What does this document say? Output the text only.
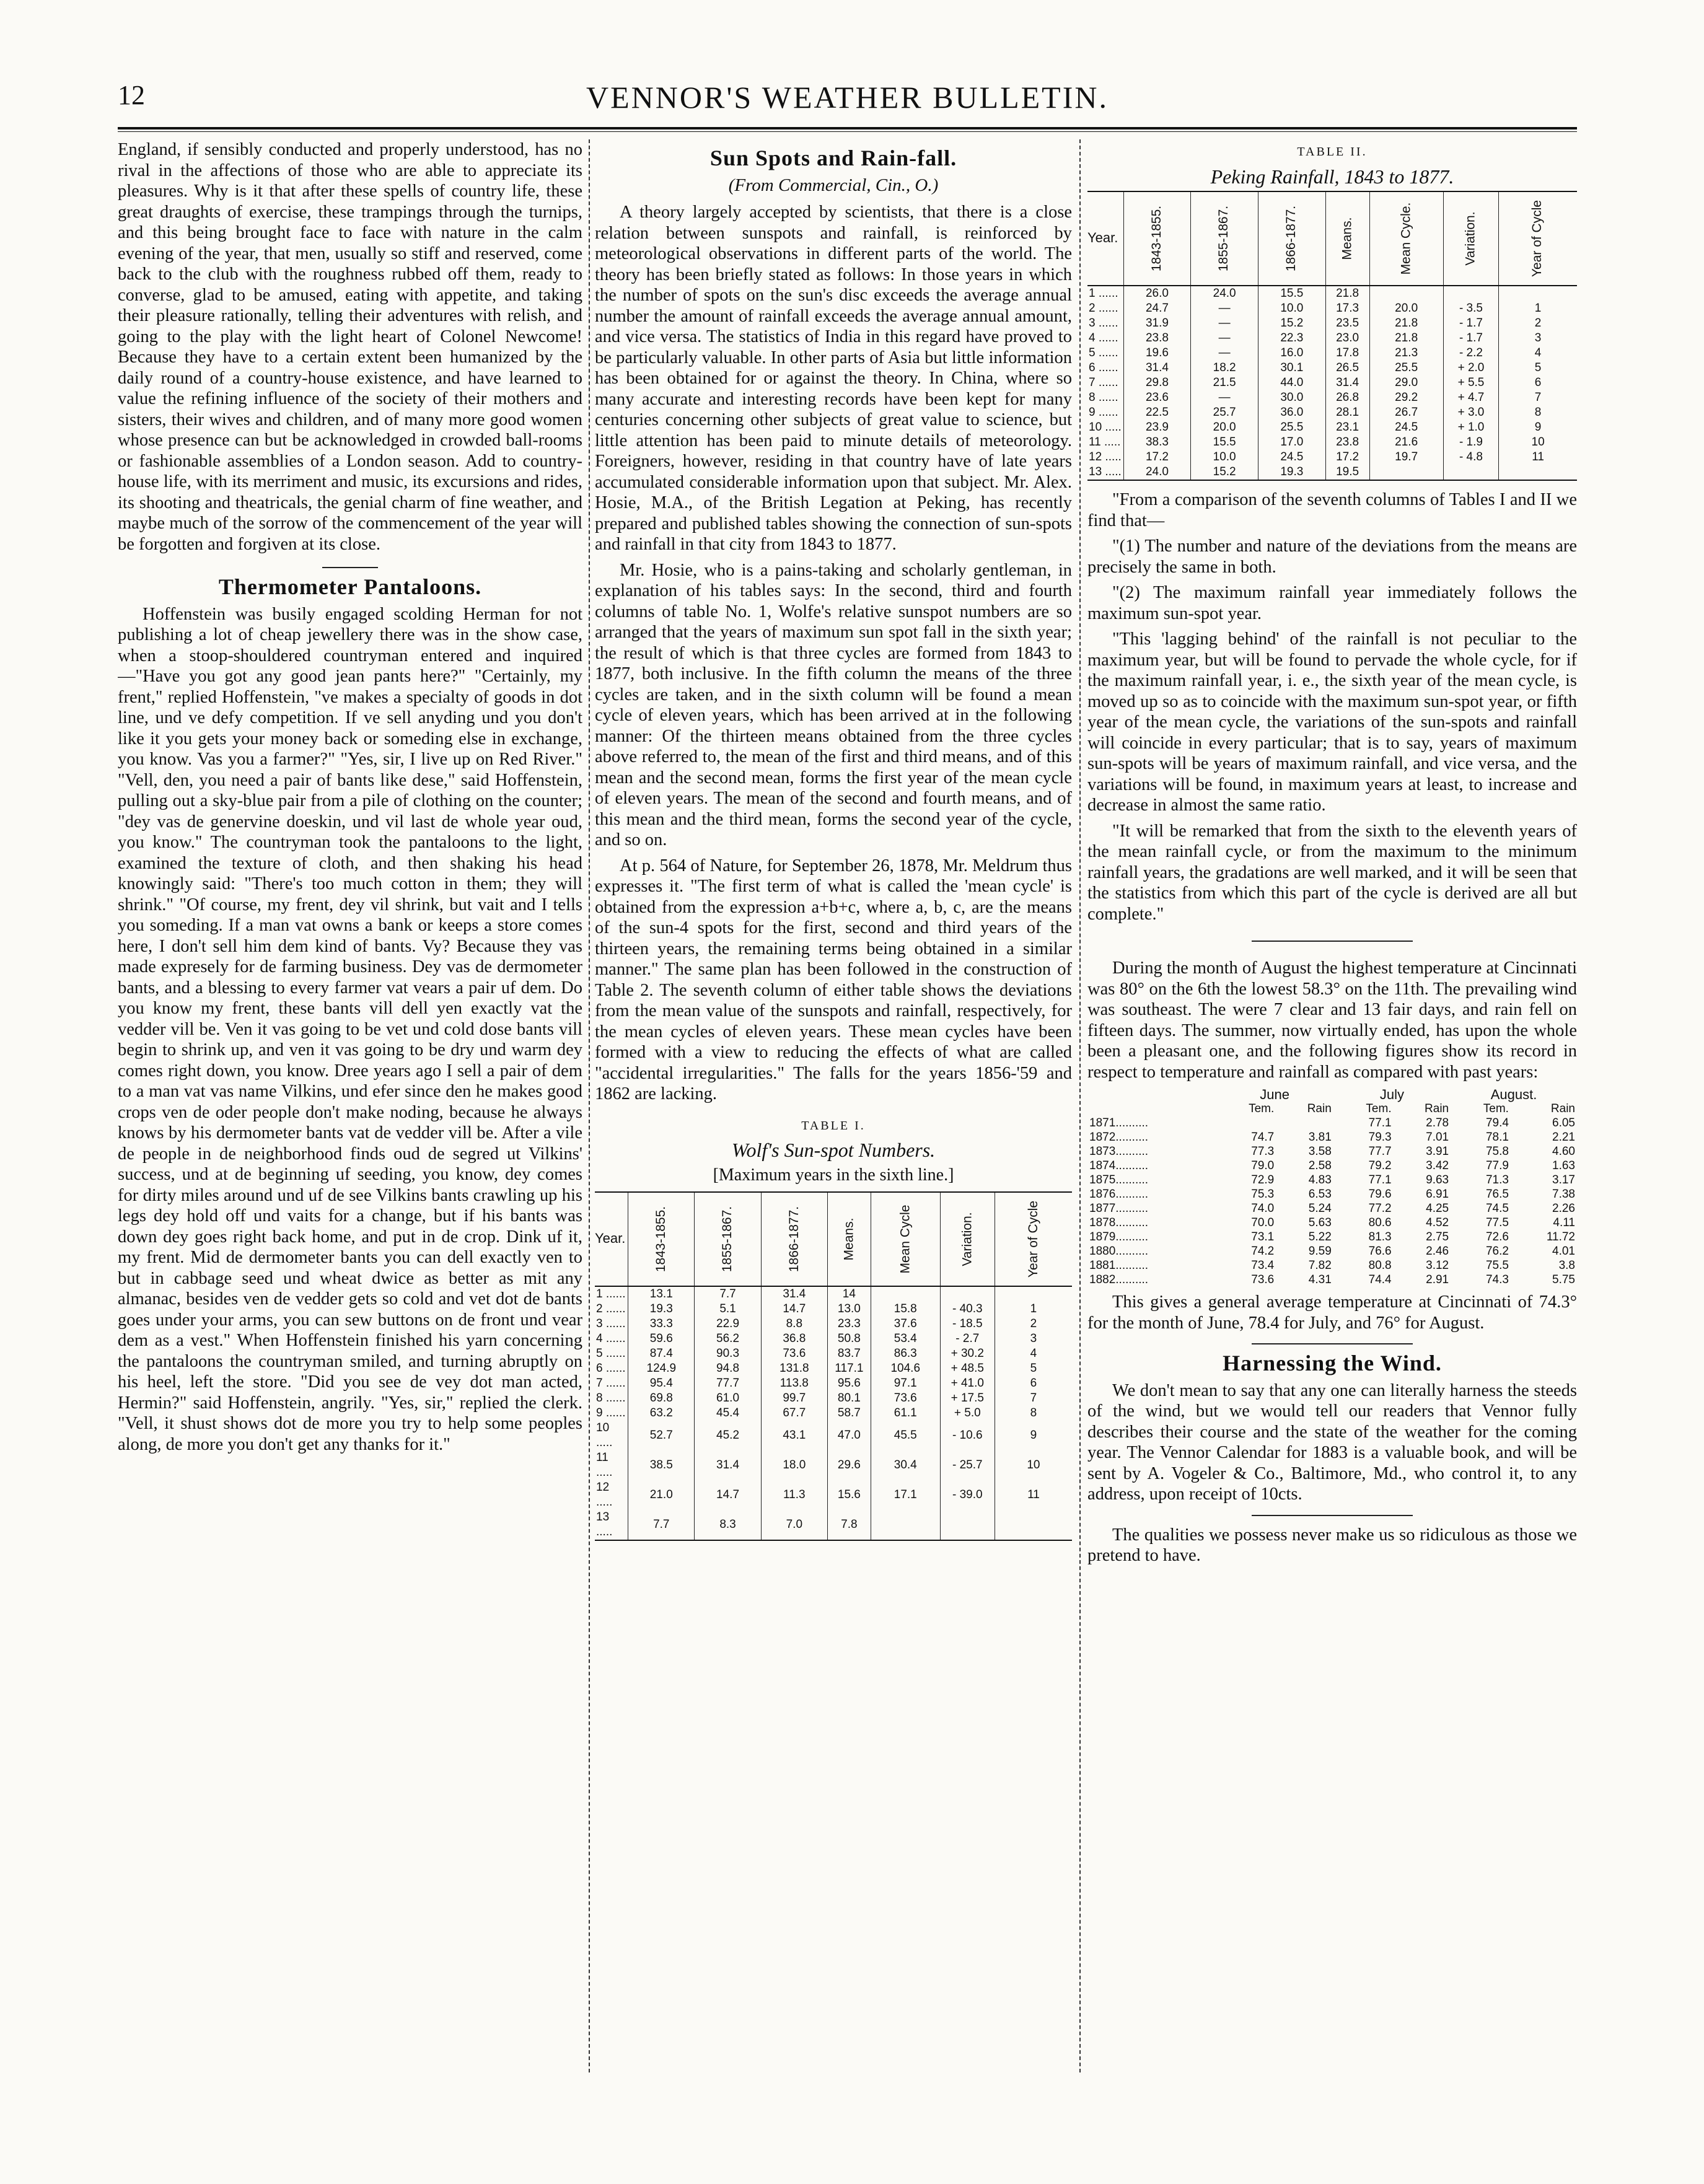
12	VENNOR'S WEATHER BULLETIN.

England, if sensibly conducted and properly understood, has no rival in the affections of those who are able to appreciate its pleasures. Why is it that after these spells of country life, these great draughts of exercise, these trampings through the turnips, and this being brought face to face with nature in the calm evening of the year, that men, usually so stiff and reserved, come back to the club with the roughness rubbed off them, ready to converse, glad to be amused, eating with appetite, and taking their pleasure rationally, telling their adventures with relish, and going to the play with the light heart of Colonel Newcome! Because they have to a certain extent been humanized by the daily round of a country-house existence, and have learned to value the refining influence of the society of their mothers and sisters, their wives and children, and of many more good women whose presence can but be acknowledged in crowded ball-rooms or fashionable assemblies of a London season. Add to country-house life, with its merriment and music, its excursions and rides, its shooting and theatricals, the genial charm of fine weather, and maybe much of the sorrow of the commencement of the year will be forgotten and forgiven at its close.

Thermometer Pantaloons.

Hoffenstein was busily engaged scolding Herman for not publishing a lot of cheap jewellery there was in the show case, when a stoop-shouldered countryman entered and inquired—"Have you got any good jean pants here?" "Certainly, my frent," replied Hoffenstein, "ve makes a specialty of goods in dot line, und ve defy competition. If ve sell anyding und you don't like it you gets your money back or someding else in exchange, you know. Vas you a farmer?" "Yes, sir, I live up on Red River." "Vell, den, you need a pair of bants like dese," said Hoffenstein, pulling out a sky-blue pair from a pile of clothing on the counter; "dey vas de genervine doeskin, und vil last de whole year oud, you know." The countryman took the pantaloons to the light, examined the texture of cloth, and then shaking his head knowingly said: "There's too much cotton in them; they will shrink." "Of course, my frent, dey vil shrink, but vait and I tells you someding. If a man vat owns a bank or keeps a store comes here, I don't sell him dem kind of bants. Vy? Because they vas made expresely for de farming business. Dey vas de dermometer bants, and a blessing to every farmer vat vears a pair uf dem. Do you know my frent, these bants vill dell yen exactly vat the vedder vill be. Ven it vas going to be vet und cold dose bants vill begin to shrink up, and ven it vas going to be dry und warm dey comes right down, you know. Dree years ago I sell a pair of dem to a man vat vas name Vilkins, und efer since den he makes good crops ven de oder people don't make noding, because he always knows by his dermometer bants vat de vedder vill be. After a vile de people in de neighborhood finds oud de segred ut Vilkins' success, und at de beginning uf seeding, you know, dey comes for dirty miles around und uf de see Vilkins bants crawling up his legs dey hold off und vaits for a change, but if his bants was down dey goes right back home, and put in de crop. Dink uf it, my frent. Mid de dermometer bants you can dell exactly ven to but in cabbage seed und wheat dwice as better as mit any almanac, besides ven de vedder gets so cold and vet dot de bants goes under your arms, you can sew buttons on de front und vear dem as a vest." When Hoffenstein finished his yarn concerning the pantaloons the countryman smiled, and turning abruptly on his heel, left the store. "Did you see de vey dot man acted, Hermin?" said Hoffenstein, angrily. "Yes, sir," replied the clerk. "Vell, it shust shows dot de more you try to help some peoples along, de more you don't get any thanks for it."

Sun Spots and Rain-fall.
(From Commercial, Cin., O.)

A theory largely accepted by scientists, that there is a close relation between sunspots and rainfall, is reinforced by meteorological observations in different parts of the world. The theory has been briefly stated as follows: In those years in which the number of spots on the sun's disc exceeds the average annual number the amount of rainfall exceeds the average annual amount, and vice versa. The statistics of India in this regard have proved to be particularly valuable. In other parts of Asia but little information has been obtained for or against the theory. In China, where so many accurate and interesting records have been kept for many centuries concerning other subjects of great value to science, but little attention has been paid to minute details of meteorology. Foreigners, however, residing in that country have of late years accumulated considerable information upon that subject. Mr. Alex. Hosie, M.A., of the British Legation at Peking, has recently prepared and published tables showing the connection of sun-spots and rainfall in that city from 1843 to 1877.

Mr. Hosie, who is a pains-taking and scholarly gentleman, in explanation of his tables says: In the second, third and fourth columns of table No. 1, Wolfe's relative sunspot numbers are so arranged that the years of maximum sun spot fall in the sixth year; the result of which is that three cycles are formed from 1843 to 1877, both inclusive. In the fifth column the means of the three cycles are taken, and in the sixth column will be found a mean cycle of eleven years, which has been arrived at in the following manner: Of the thirteen means obtained from the three cycles above referred to, the mean of the first and third means, and of this mean and the second mean, forms the first year of the mean cycle of eleven years. The mean of the second and fourth means, and of this mean and the third mean, forms the second year of the cycle, and so on.

At p. 564 of Nature, for September 26, 1878, Mr. Meldrum thus expresses it. "The first term of what is called the 'mean cycle' is obtained from the expression a+b+c, where a, b, c, are the means of the sun-4 spots for the first, second and third years of the thirteen years, the remaining terms being obtained in a similar manner." The same plan has been followed in the construction of Table 2. The seventh column of either table shows the deviations from the mean value of the sunspots and rainfall, respectively, for the mean cycles of eleven years. These mean cycles have been formed with a view to reducing the effects of what are called "accidental irregularities." The falls for the years 1856-'59 and 1862 are lacking.

TABLE I.
Wolf's Sun-spot Numbers.
[Maximum years in the sixth line.]
Year.	1843-1855.	1855-1867.	1866-1877.	Means.	Mean Cycle	Variation.	Year of Cycle
1 ......	13.1	7.7	31.4	14			
2 ......	19.3	5.1	14.7	13.0	15.8	- 40.3	1
3 ......	33.3	22.9	8.8	23.3	37.6	- 18.5	2
4 ......	59.6	56.2	36.8	50.8	53.4	- 2.7	3
5 ......	87.4	90.3	73.6	83.7	86.3	+ 30.2	4
6 ......	124.9	94.8	131.8	117.1	104.6	+ 48.5	5
7 ......	95.4	77.7	113.8	95.6	97.1	+ 41.0	6
8 ......	69.8	61.0	99.7	80.1	73.6	+ 17.5	7
9 ......	63.2	45.4	67.7	58.7	61.1	+ 5.0	8
10 .....	52.7	45.2	43.1	47.0	45.5	- 10.6	9
11 .....	38.5	31.4	18.0	29.6	30.4	- 25.7	10
12 .....	21.0	14.7	11.3	15.6	17.1	- 39.0	11
13 .....	7.7	8.3	7.0	7.8			
TABLE II.
Peking Rainfall, 1843 to 1877.
Year.	1843-1855.	1855-1867.	1866-1877.	Means.	Mean Cycle.	Variation.	Year of Cycle
1 ......	26.0	24.0	15.5	21.8			
2 ......	24.7	—	10.0	17.3	20.0	- 3.5	1
3 ......	31.9	—	15.2	23.5	21.8	- 1.7	2
4 ......	23.8	—	22.3	23.0	21.8	- 1.7	3
5 ......	19.6	—	16.0	17.8	21.3	- 2.2	4
6 ......	31.4	18.2	30.1	26.5	25.5	+ 2.0	5
7 ......	29.8	21.5	44.0	31.4	29.0	+ 5.5	6
8 ......	23.6	—	30.0	26.8	29.2	+ 4.7	7
9 ......	22.5	25.7	36.0	28.1	26.7	+ 3.0	8
10 .....	23.9	20.0	25.5	23.1	24.5	+ 1.0	9
11 .....	38.3	15.5	17.0	23.8	21.6	- 1.9	10
12 .....	17.2	10.0	24.5	17.2	19.7	- 4.8	11
13 .....	24.0	15.2	19.3	19.5			

"From a comparison of the seventh columns of Tables I and II we find that—

"(1) The number and nature of the deviations from the means are precisely the same in both.

"(2) The maximum rainfall year immediately follows the maximum sun-spot year.

"This 'lagging behind' of the rainfall is not peculiar to the maximum year, but will be found to pervade the whole cycle, for if the maximum rainfall year, i. e., the sixth year of the mean cycle, is moved up so as to coincide with the maximum sun-spot year, or fifth year of the mean cycle, the variations of the sun-spots and rainfall will coincide in every particular; that is to say, years of maximum sun-spots will be years of maximum rainfall, and vice versa, and the variations will be found, in maximum years at least, to increase and decrease in almost the same ratio.

"It will be remarked that from the sixth to the eleventh years of the mean rainfall cycle, or from the maximum to the minimum rainfall years, the gradations are well marked, and it will be seen that the statistics from which this part of the cycle is derived are all but complete."

During the month of August the highest temperature at Cincinnati was 80° on the 6th the lowest 58.3° on the 11th. The prevailing wind was southeast. The were 7 clear and 13 fair days, and rain fell on fifteen days. The summer, now virtually ended, has upon the whole been a pleasant one, and the following figures show its record in respect to temperature and rainfall as compared with past years:

	June		July		August.	
	Tem.	Rain	Tem.	Rain	Tem.	Rain
1871..........			77.1	2.78	79.4	6.05
1872..........	74.7	3.81	79.3	7.01	78.1	2.21
1873..........	77.3	3.58	77.7	3.91	75.8	4.60
1874..........	79.0	2.58	79.2	3.42	77.9	1.63
1875..........	72.9	4.83	77.1	9.63	71.3	3.17
1876..........	75.3	6.53	79.6	6.91	76.5	7.38
1877..........	74.0	5.24	77.2	4.25	74.5	2.26
1878..........	70.0	5.63	80.6	4.52	77.5	4.11
1879..........	73.1	5.22	81.3	2.75	72.6	11.72
1880..........	74.2	9.59	76.6	2.46	76.2	4.01
1881..........	73.4	7.82	80.8	3.12	75.5	3.8
1882..........	73.6	4.31	74.4	2.91	74.3	5.75

This gives a general average temperature at Cincinnati of 74.3° for the month of June, 78.4 for July, and 76° for August.

Harnessing the Wind.

We don't mean to say that any one can literally harness the steeds of the wind, but we would tell our readers that Vennor fully describes their course and the state of the weather for the coming year. The Vennor Calendar for 1883 is a valuable book, and will be sent by A. Vogeler & Co., Baltimore, Md., who control it, to any address, upon receipt of 10cts.

The qualities we possess never make us so ridiculous as those we pretend to have.
